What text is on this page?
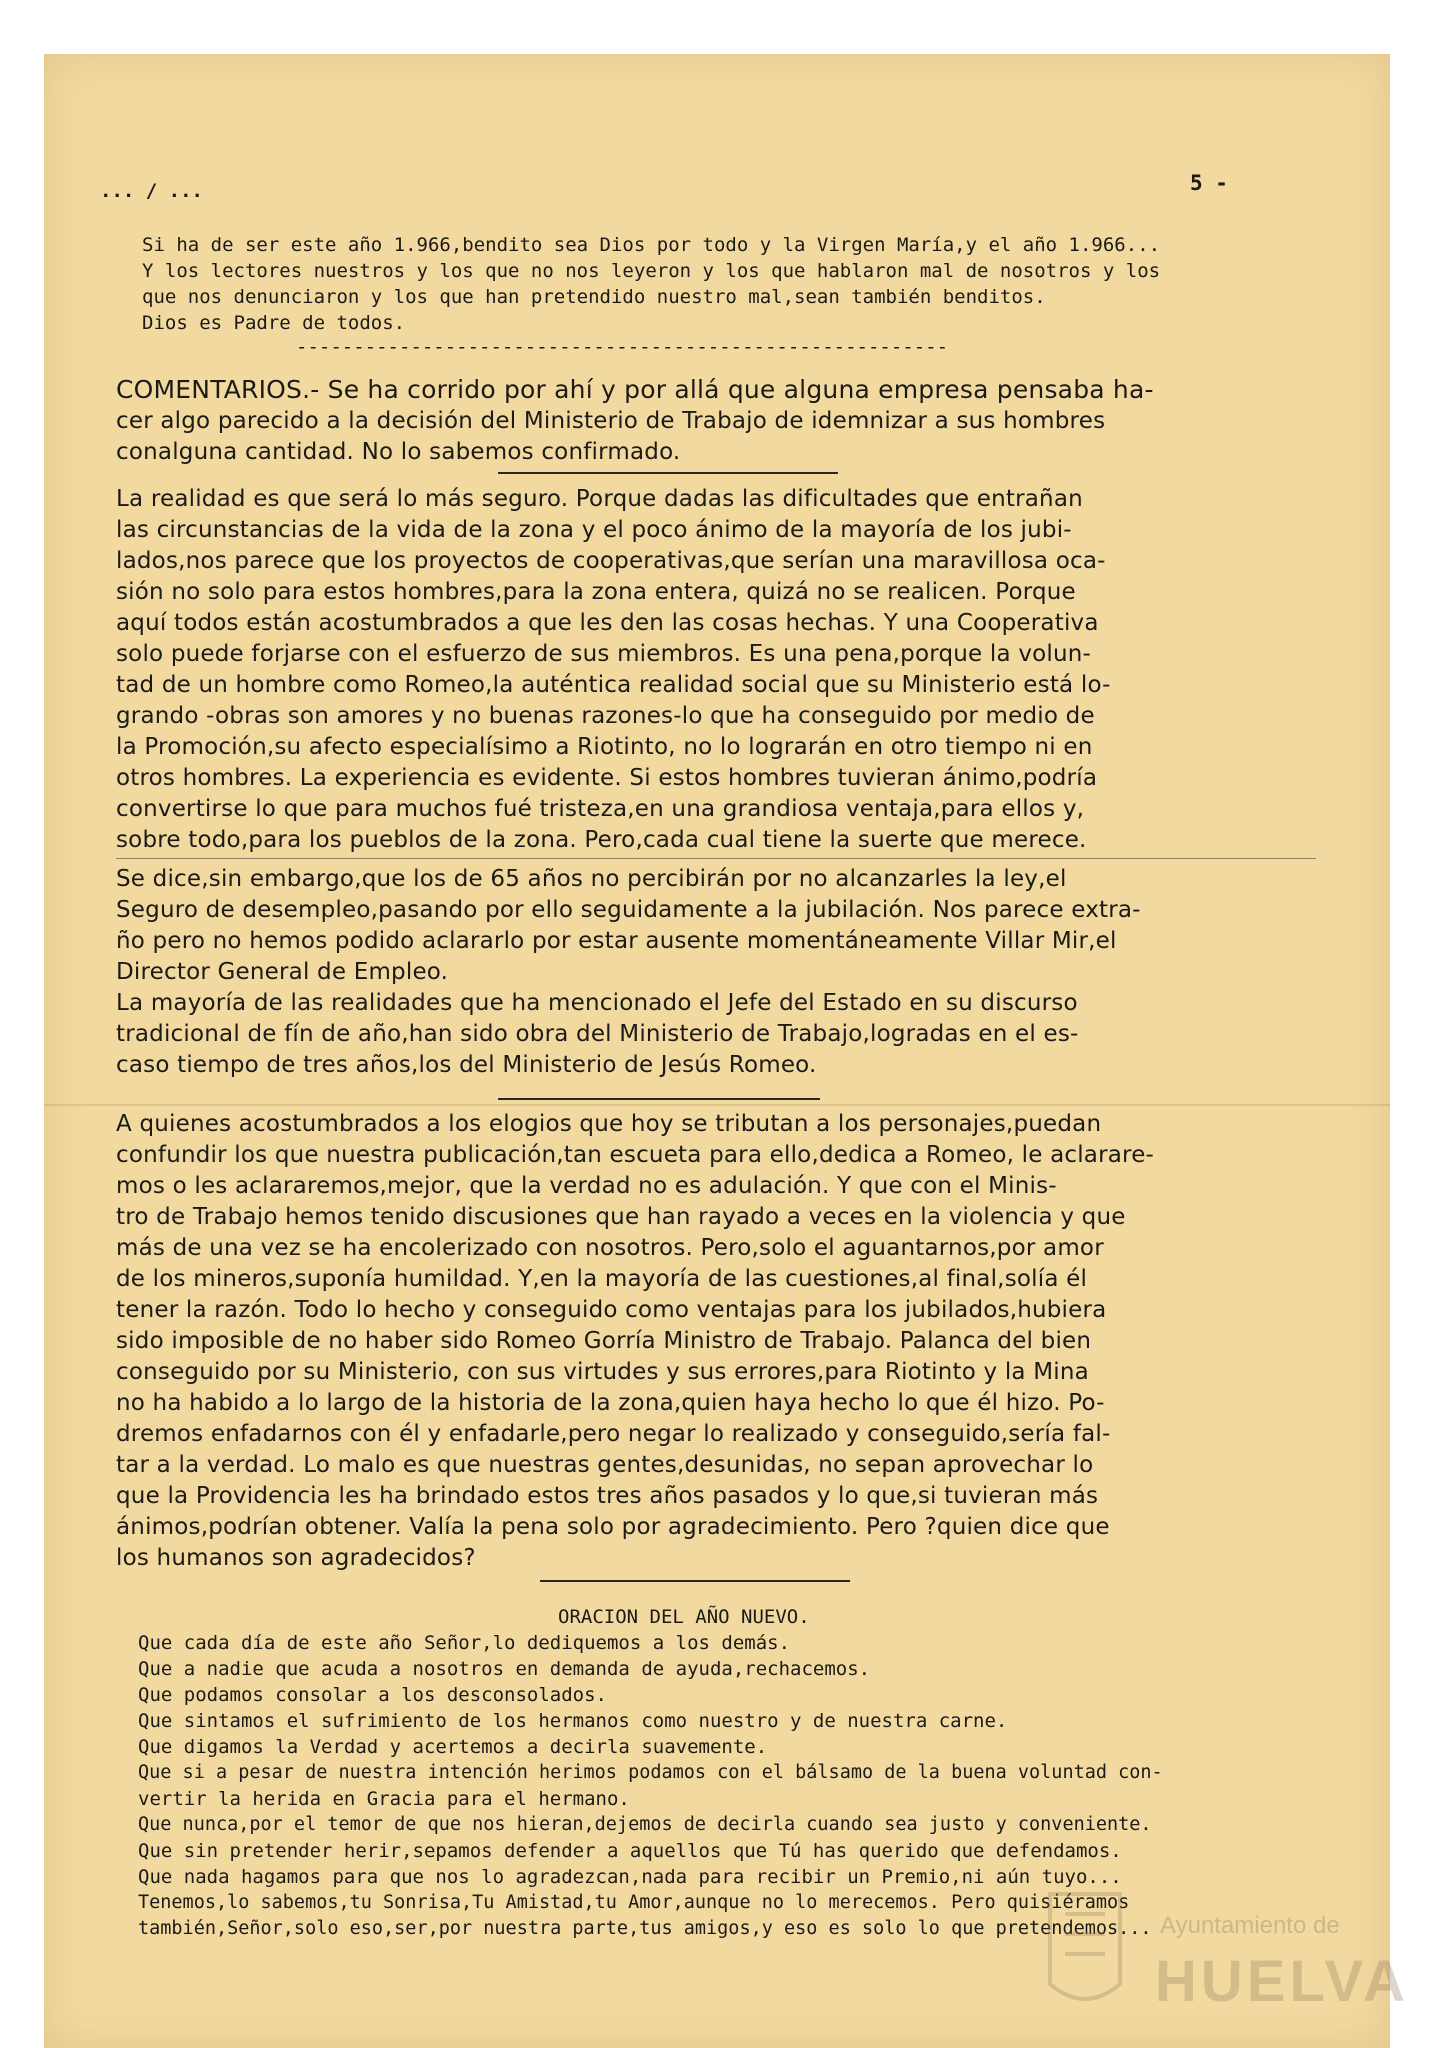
... / ...	5 -
Si ha de ser este año 1.966,bendito sea Dios por todo y la Virgen María,y el año 1.966...
Y los lectores nuestros y los que no nos leyeron y los que hablaron mal de nosotros y los
que nos denunciaron y los que han pretendido nuestro mal,sean también benditos.
Dios es Padre de todos.
---------------------------------------------------------
COMENTARIOS.- Se ha corrido por ahí y por allá que alguna empresa pensaba ha-
cer algo parecido a la decisión del Ministerio de Trabajo de idemnizar a sus hombres
conalguna cantidad. No lo sabemos confirmado.
La realidad es que será lo más seguro. Porque dadas las dificultades que entrañan
las circunstancias de la vida de la zona y el poco ánimo de la mayoría de los jubi-
lados,nos parece que los proyectos de cooperativas,que serían una maravillosa oca-
sión no solo para estos hombres,para la zona entera, quizá no se realicen. Porque
aquí todos están acostumbrados a que les den las cosas hechas. Y una Cooperativa
solo puede forjarse con el esfuerzo de sus miembros. Es una pena,porque la volun-
tad de un hombre como Romeo,la auténtica realidad social que su Ministerio está lo-
grando -obras son amores y no buenas razones-lo que ha conseguido por medio de
la Promoción,su afecto especialísimo a Riotinto, no lo lograrán en otro tiempo ni en
otros hombres. La experiencia es evidente. Si estos hombres tuvieran ánimo,podría
convertirse lo que para muchos fué tristeza,en una grandiosa ventaja,para ellos y,
sobre todo,para los pueblos de la zona. Pero,cada cual tiene la suerte que merece.
Se dice,sin embargo,que los de 65 años no percibirán por no alcanzarles la ley,el
Seguro de desempleo,pasando por ello seguidamente a la jubilación. Nos parece extra-
ño pero no hemos podido aclararlo por estar ausente momentáneamente Villar Mir,el
Director General de Empleo.
La mayoría de las realidades que ha mencionado el Jefe del Estado en su discurso
tradicional de fín de año,han sido obra del Ministerio de Trabajo,logradas en el es-
caso tiempo de tres años,los del Ministerio de Jesús Romeo.
A quienes acostumbrados a los elogios que hoy se tributan a los personajes,puedan
confundir los que nuestra publicación,tan escueta para ello,dedica a Romeo, le aclarare-
mos o les aclararemos,mejor, que la verdad no es adulación. Y que con el Minis-
tro de Trabajo hemos tenido discusiones que han rayado a veces en la violencia y que
más de una vez se ha encolerizado con nosotros. Pero,solo el aguantarnos,por amor
de los mineros,suponía humildad. Y,en la mayoría de las cuestiones,al final,solía él
tener la razón. Todo lo hecho y conseguido como ventajas para los jubilados,hubiera
sido imposible de no haber sido Romeo Gorría Ministro de Trabajo. Palanca del bien
conseguido por su Ministerio, con sus virtudes y sus errores,para Riotinto y la Mina
no ha habido a lo largo de la historia de la zona,quien haya hecho lo que él hizo. Po-
dremos enfadarnos con él y enfadarle,pero negar lo realizado y conseguido,sería fal-
tar a la verdad. Lo malo es que nuestras gentes,desunidas, no sepan aprovechar lo
que la Providencia les ha brindado estos tres años pasados y lo que,si tuvieran más
ánimos,podrían obtener. Valía la pena solo por agradecimiento. Pero ?quien dice que
los humanos son agradecidos?
ORACION DEL AÑO NUEVO.
Que cada día de este año Señor,lo dediquemos a los demás.
Que a nadie que acuda a nosotros en demanda de ayuda,rechacemos.
Que podamos consolar a los desconsolados.
Que sintamos el sufrimiento de los hermanos como nuestro y de nuestra carne.
Que digamos la Verdad y acertemos a decirla suavemente.
Que si a pesar de nuestra intención herimos podamos con el bálsamo de la buena voluntad con-
vertir la herida en Gracia para el hermano.
Que nunca,por el temor de que nos hieran,dejemos de decirla cuando sea justo y conveniente.
Que sin pretender herir,sepamos defender a aquellos que Tú has querido que defendamos.
Que nada hagamos para que nos lo agradezcan,nada para recibir un Premio,ni aún tuyo...
Tenemos,lo sabemos,tu Sonrisa,Tu Amistad,tu Amor,aunque no lo merecemos. Pero quisiéramos
también,Señor,solo eso,ser,por nuestra parte,tus amigos,y eso es solo lo que pretendemos... Ayuntamiento de
HUELVA
